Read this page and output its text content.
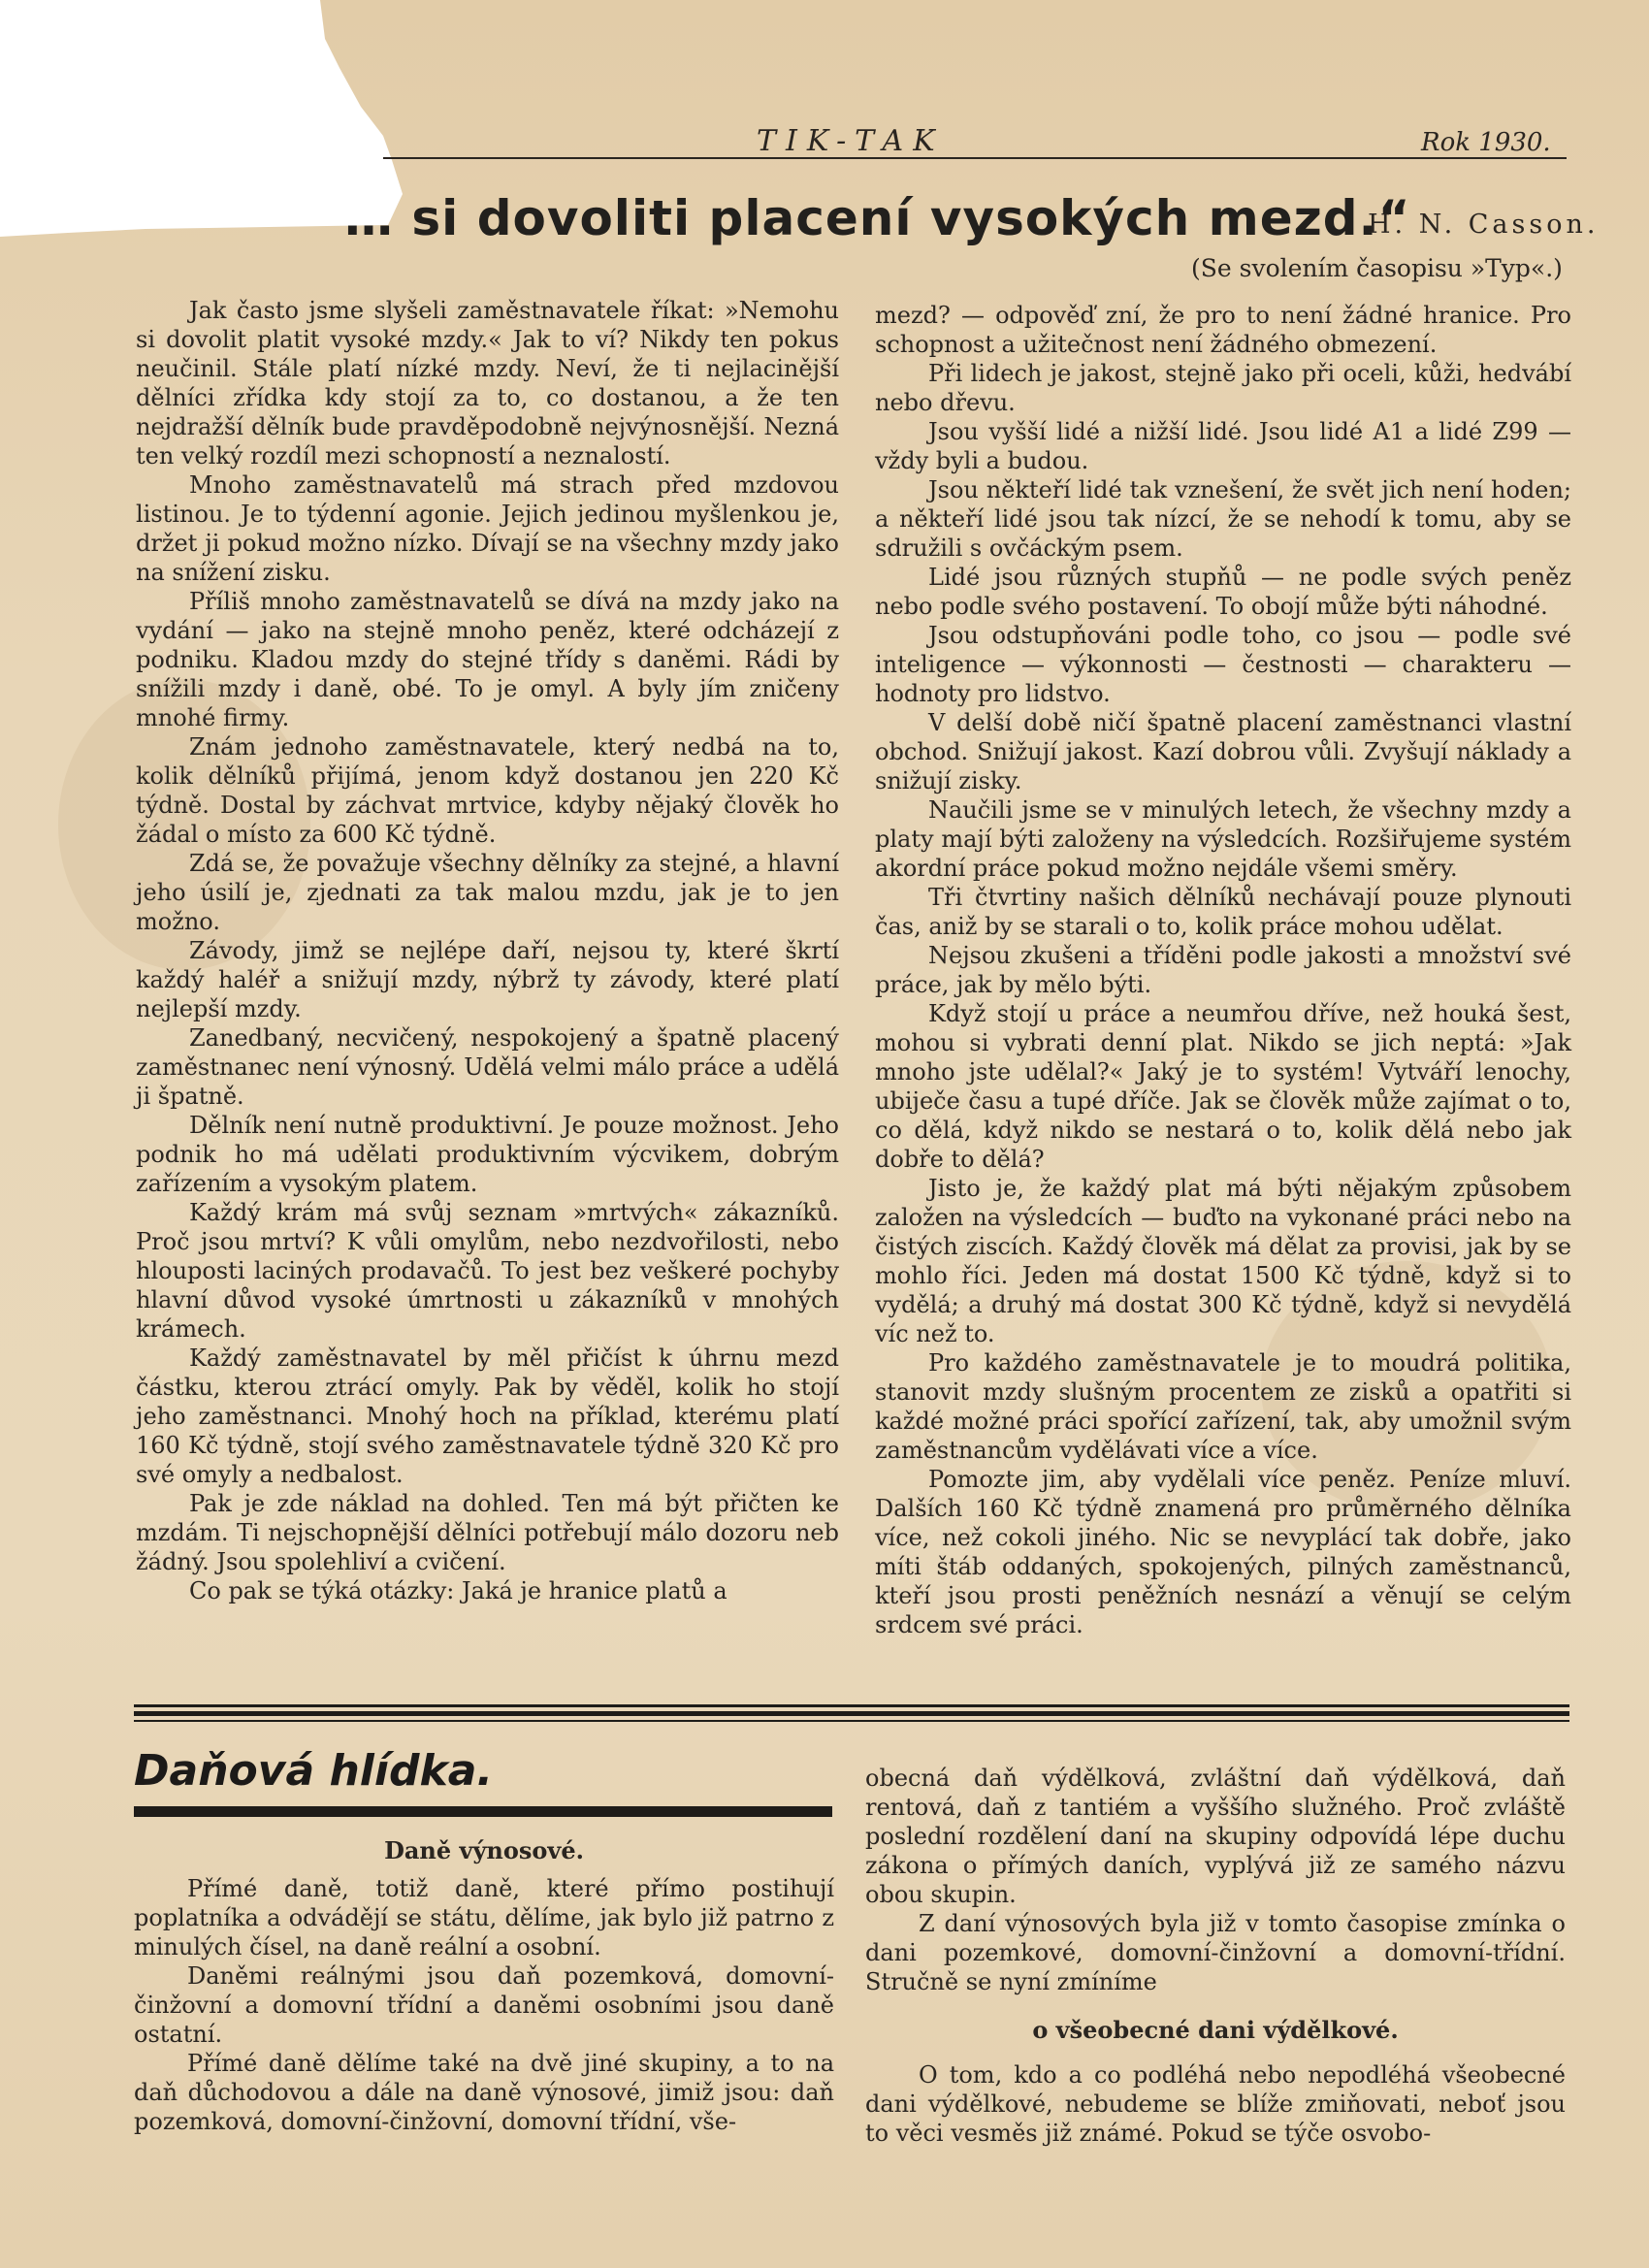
TIK-TAK	Rok 1930.
… si dovoliti placení vysokých mezd.“
H. N. Casson.
(Se svolením časopisu »Typ«.)

Jak často jsme slyšeli zaměstnavatele říkat: »Nemohu si dovolit platit vysoké mzdy.« Jak to ví? Nikdy ten pokus neučinil. Stále platí nízké mzdy. Neví, že ti nejlacinější dělníci zřídka kdy stojí za to, co dostanou, a že ten nejdražší dělník bude pravděpodobně nejvýnosnější. Nezná ten velký rozdíl mezi schopností a neznalostí.

Mnoho zaměstnavatelů má strach před mzdovou listinou. Je to týdenní agonie. Jejich jedinou myšlenkou je, držet ji pokud možno nízko. Dívají se na všechny mzdy jako na snížení zisku.

Příliš mnoho zaměstnavatelů se dívá na mzdy jako na vydání — jako na stejně mnoho peněz, které odcházejí z podniku. Kladou mzdy do stejné třídy s daněmi. Rádi by snížili mzdy i daně, obé. To je omyl. A byly jím zničeny mnohé firmy.

Znám jednoho zaměstnavatele, který nedbá na to, kolik dělníků přijímá, jenom když dostanou jen 220 Kč týdně. Dostal by záchvat mrtvice, kdyby nějaký člověk ho žádal o místo za 600 Kč týdně.

Zdá se, že považuje všechny dělníky za stejné, a hlavní jeho úsilí je, zjednati za tak malou mzdu, jak je to jen možno.

Závody, jimž se nejlépe daří, nejsou ty, které škrtí každý haléř a snižují mzdy, nýbrž ty závody, které platí nejlepší mzdy.

Zanedbaný, necvičený, nespokojený a špatně placený zaměstnanec není výnosný. Udělá velmi málo práce a udělá ji špatně.

Dělník není nutně produktivní. Je pouze možnost. Jeho podnik ho má udělati produktivním výcvikem, dobrým zařízením a vysokým platem.

Každý krám má svůj seznam »mrtvých« zákazníků. Proč jsou mrtví? K vůli omylům, nebo nezdvořilosti, nebo hlouposti laciných prodavačů. To jest bez veškeré pochyby hlavní důvod vysoké úmrtnosti u zákazníků v mnohých krámech.

Každý zaměstnavatel by měl přičíst k úhrnu mezd částku, kterou ztrácí omyly. Pak by věděl, kolik ho stojí jeho zaměstnanci. Mnohý hoch na příklad, kterému platí 160 Kč týdně, stojí svého zaměstnavatele týdně 320 Kč pro své omyly a nedbalost.

Pak je zde náklad na dohled. Ten má být přičten ke mzdám. Ti nejschopnější dělníci potřebují málo dozoru neb žádný. Jsou spolehliví a cvičení.

Co pak se týká otázky: Jaká je hranice platů a

mezd? — odpověď zní, že pro to není žádné hranice. Pro schopnost a užitečnost není žádného obmezení.

Při lidech je jakost, stejně jako při oceli, kůži, hedvábí nebo dřevu.

Jsou vyšší lidé a nižší lidé. Jsou lidé A1 a lidé Z99 — vždy byli a budou.

Jsou někteří lidé tak vznešení, že svět jich není hoden; a někteří lidé jsou tak nízcí, že se nehodí k tomu, aby se sdružili s ovčáckým psem.

Lidé jsou různých stupňů — ne podle svých peněz nebo podle svého postavení. To obojí může býti náhodné.

Jsou odstupňováni podle toho, co jsou — podle své inteligence — výkonnosti — čestnosti — charakteru — hodnoty pro lidstvo.

V delší době ničí špatně placení zaměstnanci vlastní obchod. Snižují jakost. Kazí dobrou vůli. Zvyšují náklady a snižují zisky.

Naučili jsme se v minulých letech, že všechny mzdy a platy mají býti založeny na výsledcích. Rozšiřujeme systém akordní práce pokud možno nejdále všemi směry.

Tři čtvrtiny našich dělníků nechávají pouze plynouti čas, aniž by se starali o to, kolik práce mohou udělat.

Nejsou zkušeni a tříděni podle jakosti a množství své práce, jak by mělo býti.

Když stojí u práce a neumřou dříve, než houká šest, mohou si vybrati denní plat. Nikdo se jich neptá: »Jak mnoho jste udělal?« Jaký je to systém! Vytváří lenochy, ubiječe času a tupé dříče. Jak se člověk může zajímat o to, co dělá, když nikdo se nestará o to, kolik dělá nebo jak dobře to dělá?

Jisto je, že každý plat má býti nějakým způsobem založen na výsledcích — buďto na vykonané práci nebo na čistých ziscích. Každý člověk má dělat za provisi, jak by se mohlo říci. Jeden má dostat 1500 Kč týdně, když si to vydělá; a druhý má dostat 300 Kč týdně, když si nevydělá víc než to.

Pro každého zaměstnavatele je to moudrá politika, stanovit mzdy slušným procentem ze zisků a opatřiti si každé možné práci spořící zařízení, tak, aby umožnil svým zaměstnancům vydělávati více a více.

Pomozte jim, aby vydělali více peněz. Peníze mluví. Dalších 160 Kč týdně znamená pro průměrného dělníka více, než cokoli jiného. Nic se nevyplácí tak dobře, jako míti štáb oddaných, spokojených, pilných zaměstnanců, kteří jsou prosti peněžních nesnází a věnují se celým srdcem své práci.

Daňová hlídka.
Daně výnosové.

Přímé daně, totiž daně, které přímo postihují poplatníka a odvádějí se státu, dělíme, jak bylo již patrno z minulých čísel, na daně reální a osobní.

Daněmi reálnými jsou daň pozemková, domovní-činžovní a domovní třídní a daněmi osobními jsou daně ostatní.

Přímé daně dělíme také na dvě jiné skupiny, a to na daň důchodovou a dále na daně výnosové, jimiž jsou: daň pozemková, domovní-činžovní, domovní třídní, vše-

obecná daň výdělková, zvláštní daň výdělková, daň rentová, daň z tantiém a vyššího služného. Proč zvláště poslední rozdělení daní na skupiny odpovídá lépe duchu zákona o přímých daních, vyplývá již ze samého názvu obou skupin.

Z daní výnosových byla již v tomto časopise zmínka o dani pozemkové, domovní-činžovní a domovní-třídní. Stručně se nyní zmíníme

o všeobecné dani výdělkové.

O tom, kdo a co podléhá nebo nepodléhá všeobecné dani výdělkové, nebudeme se blíže zmiňovati, neboť jsou to věci vesměs již známé. Pokud se týče osvobo-
